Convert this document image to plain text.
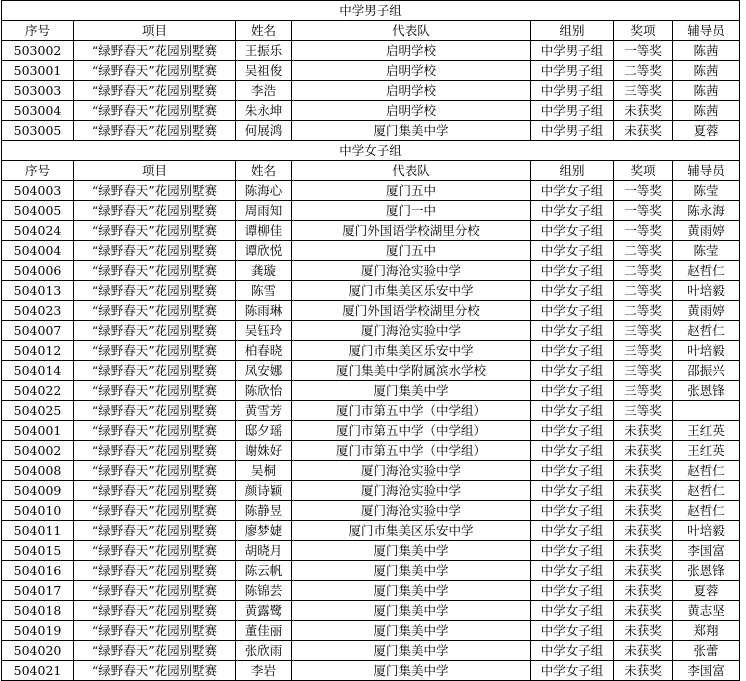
中学男子组						
序号	项目	姓名	代表队	组别	奖项	辅导员
503002	“绿野春天”花园别墅赛	王振乐	启明学校	中学男子组	一等奖	陈茜
503001	“绿野春天”花园别墅赛	吴祖俊	启明学校	中学男子组	二等奖	陈茜
503003	“绿野春天”花园别墅赛	李浩	启明学校	中学男子组	三等奖	陈茜
503004	“绿野春天”花园别墅赛	朱永坤	启明学校	中学男子组	未获奖	陈茜
503005	“绿野春天”花园别墅赛	何展鸿	厦门集美中学	中学男子组	未获奖	夏蓉
中学女子组						
序号	项目	姓名	代表队	组别	奖项	辅导员
504003	“绿野春天”花园别墅赛	陈海心	厦门五中	中学女子组	一等奖	陈莹
504005	“绿野春天”花园别墅赛	周雨知	厦门一中	中学女子组	一等奖	陈永海
504024	“绿野春天”花园别墅赛	谭柳佳	厦门外国语学校湖里分校	中学女子组	一等奖	黄雨婷
504004	“绿野春天”花园别墅赛	谭欣悦	厦门五中	中学女子组	二等奖	陈莹
504006	“绿野春天”花园别墅赛	龚璇	厦门海沧实验中学	中学女子组	二等奖	赵哲仁
504013	“绿野春天”花园别墅赛	陈雪	厦门市集美区乐安中学	中学女子组	二等奖	叶培毅
504023	“绿野春天”花园别墅赛	陈雨琳	厦门外国语学校湖里分校	中学女子组	二等奖	黄雨婷
504007	“绿野春天”花园别墅赛	吴钰玲	厦门海沧实验中学	中学女子组	三等奖	赵哲仁
504012	“绿野春天”花园别墅赛	柏春晓	厦门市集美区乐安中学	中学女子组	三等奖	叶培毅
504014	“绿野春天”花园别墅赛	凤安娜	厦门集美中学附属滨水学校	中学女子组	三等奖	邵振兴
504022	“绿野春天”花园别墅赛	陈欣怡	厦门集美中学	中学女子组	三等奖	张恩锋
504025	“绿野春天”花园别墅赛	黄雪芳	厦门市第五中学（中学组）	中学女子组	三等奖	
504001	“绿野春天”花园别墅赛	邸夕瑶	厦门市第五中学（中学组）	中学女子组	未获奖	王红英
504002	“绿野春天”花园别墅赛	谢姝好	厦门市第五中学（中学组）	中学女子组	未获奖	王红英
504008	“绿野春天”花园别墅赛	吴桐	厦门海沧实验中学	中学女子组	未获奖	赵哲仁
504009	“绿野春天”花园别墅赛	颜诗颖	厦门海沧实验中学	中学女子组	未获奖	赵哲仁
504010	“绿野春天”花园别墅赛	陈静昱	厦门海沧实验中学	中学女子组	未获奖	赵哲仁
504011	“绿野春天”花园别墅赛	廖梦婕	厦门市集美区乐安中学	中学女子组	未获奖	叶培毅
504015	“绿野春天”花园别墅赛	胡晓月	厦门集美中学	中学女子组	未获奖	李国富
504016	“绿野春天”花园别墅赛	陈云帆	厦门集美中学	中学女子组	未获奖	张恩锋
504017	“绿野春天”花园别墅赛	陈锦芸	厦门集美中学	中学女子组	未获奖	夏蓉
504018	“绿野春天”花园别墅赛	黄露鹭	厦门集美中学	中学女子组	未获奖	黄志坚
504019	“绿野春天”花园别墅赛	董佳丽	厦门集美中学	中学女子组	未获奖	郑翔
504020	“绿野春天”花园别墅赛	张欣雨	厦门集美中学	中学女子组	未获奖	张蕾
504021	“绿野春天”花园别墅赛	李岩	厦门集美中学	中学女子组	未获奖	李国富
